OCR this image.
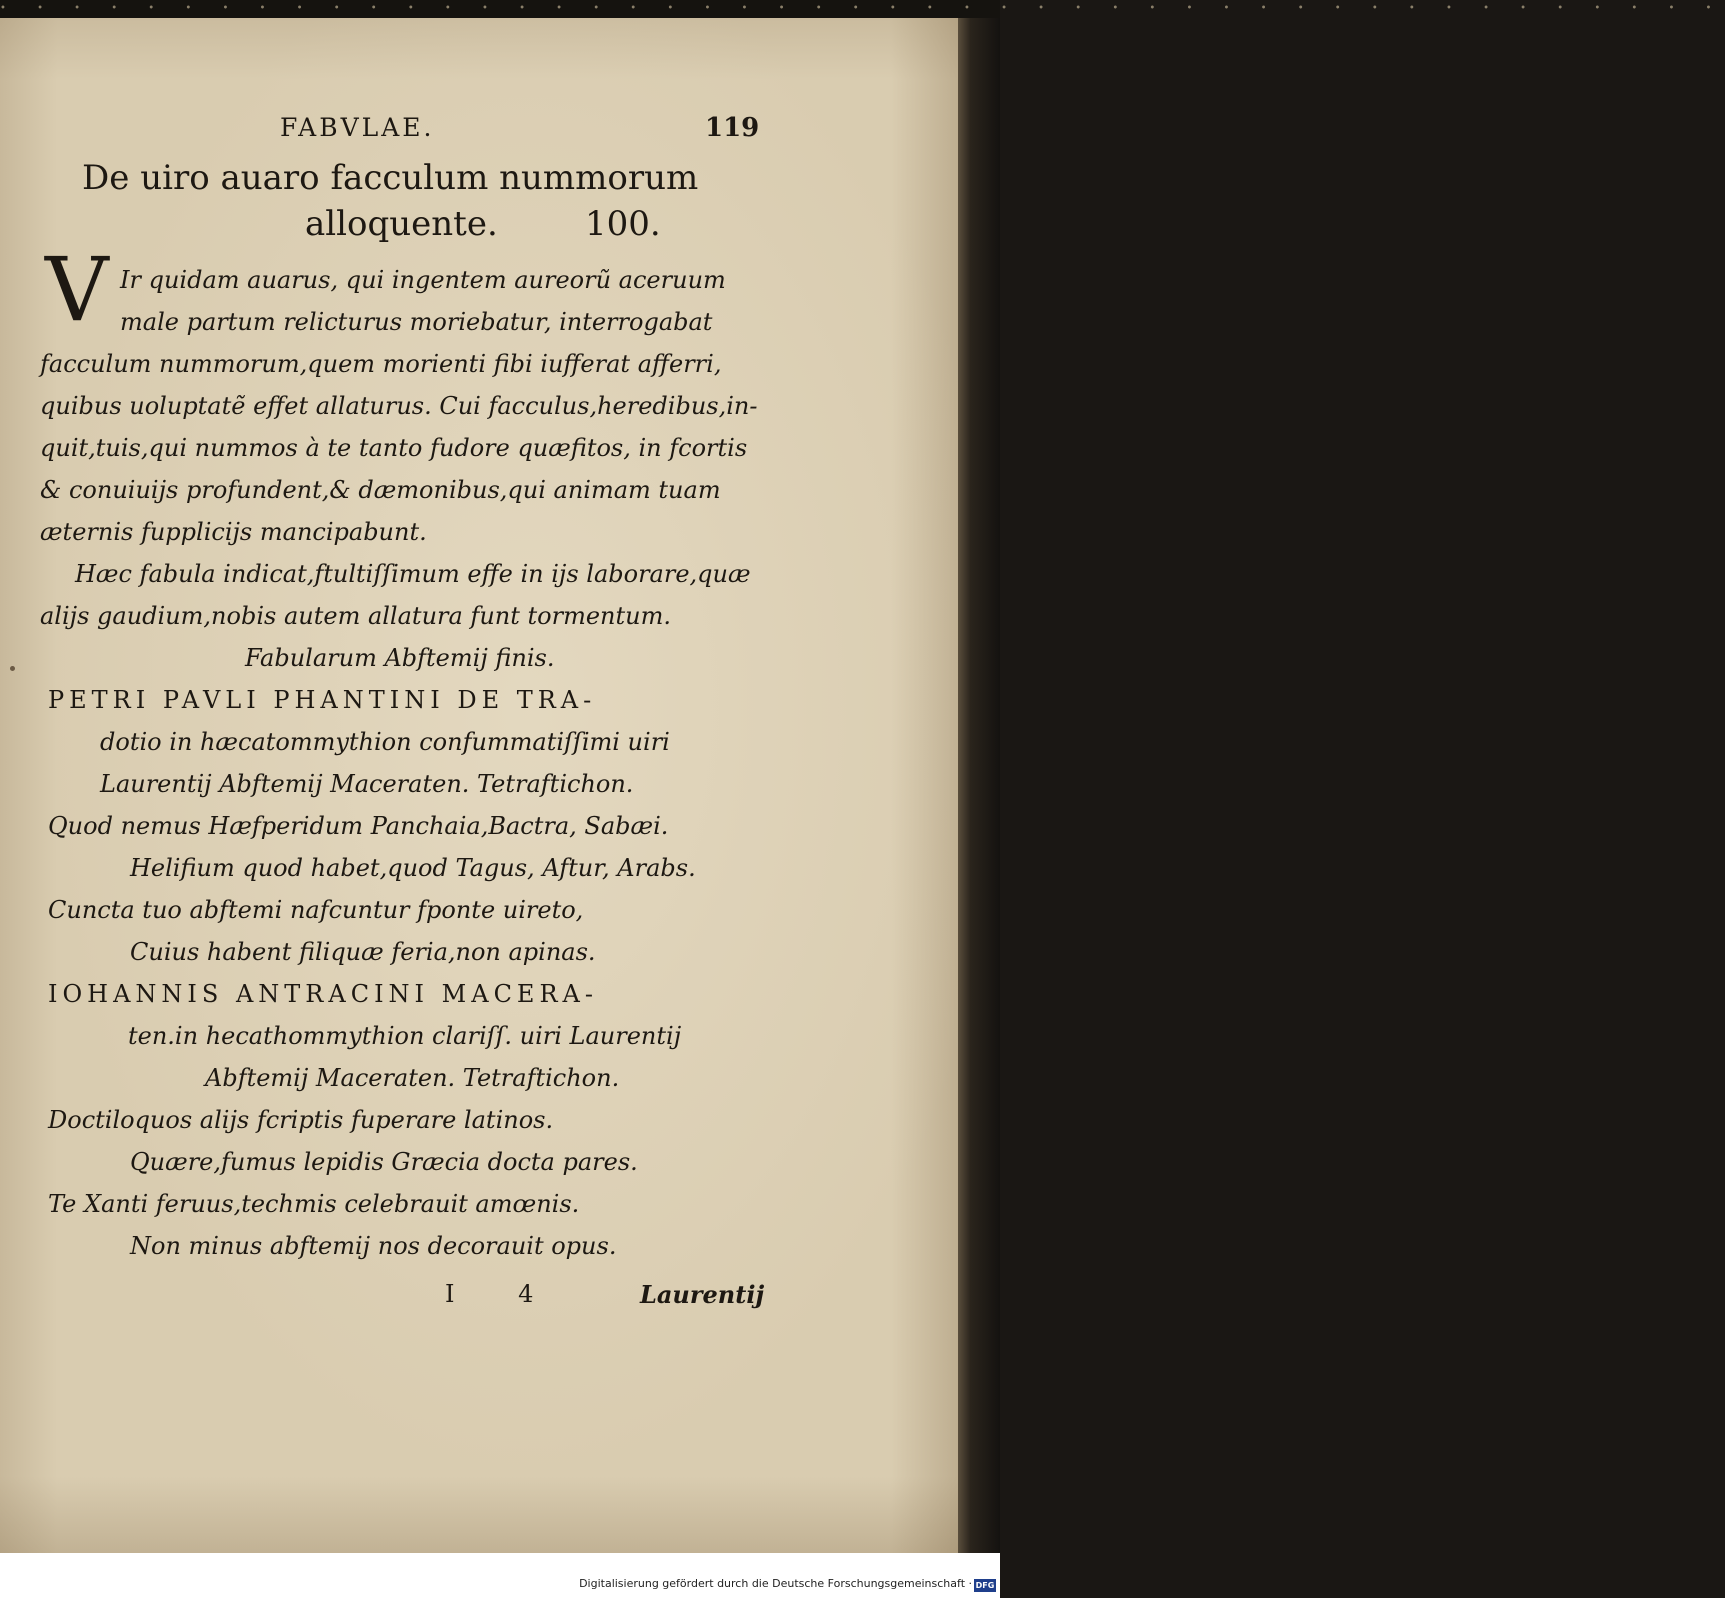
• • • • • • • • • • • • • • • • • • • • • • • • • • • • • • • • • • • • • • • • • • • • • • •
FABVLAE.	119
De uiro auaro facculum nummorum
alloquente.	100.
V Ir quidam auarus, qui ingentem aureorũ aceruum
male partum relicturus moriebatur, interrogabat
facculum nummorum,quem morienti fibi iufferat afferri,
quibus uoluptatẽ effet allaturus. Cui facculus,heredibus,in-
quit,tuis,qui nummos à te tanto fudore quæfitos, in fcortis
& conuiuijs profundent,& dæmonibus,qui animam tuam
æternis fupplicijs mancipabunt.
Hæc fabula indicat,ftultiſſimum effe in ijs laborare,quæ
alijs gaudium,nobis autem allatura funt tormentum.
Fabularum Abftemij finis.
PETRI PAVLI PHANTINI DE TRA-
dotio in hæcatommythion confummatiſſimi uiri
Laurentij Abftemij Maceraten. Tetraftichon.
Quod nemus Hæfperidum Panchaia,Bactra, Sabæi.
Helifium quod habet,quod Tagus, Aftur, Arabs.
Cuncta tuo abftemi nafcuntur fponte uireto,
Cuius habent filiquæ feria,non apinas.
IOHANNIS ANTRACINI MACERA-
ten.in hecathommythion clariſſ. uiri Laurentij
Abftemij Maceraten. Tetraftichon.
Doctiloquos alijs fcriptis fuperare latinos.
Quære,fumus lepidis Græcia docta pares.
Te Xanti feruus,techmis celebrauit amœnis.
Non minus abftemij nos decorauit opus.
I 4	Laurentij
Digitalisierung gefördert durch die Deutsche Forschungsgemeinschaft · DFG
